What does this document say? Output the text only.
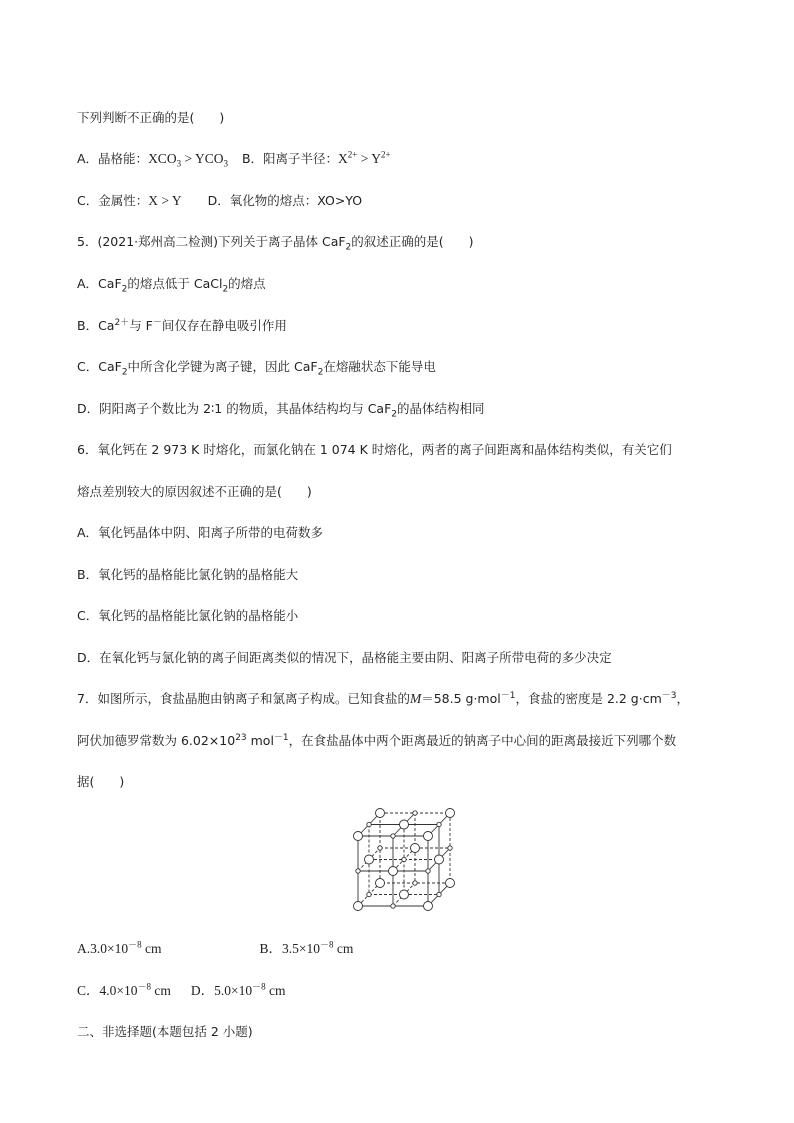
下列判断不正确的是(　　)
A．晶格能：$XCO_3 > YCO_3$ B．阳离子半径：$X^{2+} > Y^{2+}$
C．金属性：X > Y D．氧化物的熔点：XO>YO
5．(2021·郑州高二检测)下列关于离子晶体 CaF$_2$的叙述正确的是(　　)
A．CaF$_2$的熔点低于 CaCl$_2$的熔点
B．$Ca^{2+}$与 F－间仅存在静电吸引作用
C．CaF$_2$中所含化学键为离子键，因此 CaF$_2$在熔融状态下能导电
D．阴阳离子个数比为 2∶1 的物质，其晶体结构均与 CaF$_2$的晶体结构相同
6．氧化钙在 2 973 K 时熔化，而氯化钠在 1 074 K 时熔化，两者的离子间距离和晶体结构类似，有关它们
熔点差别较大的原因叙述不正确的是(　　)
A．氧化钙晶体中阴、阳离子所带的电荷数多
B．氧化钙的晶格能比氯化钠的晶格能大
C．氧化钙的晶格能比氯化钠的晶格能小
D．在氧化钙与氯化钠的离子间距离类似的情况下，晶格能主要由阴、阳离子所带电荷的多少决定
7．如图所示，食盐晶胞由钠离子和氯离子构成。已知食盐的M＝58.5 g·mol$^{-1}$，食盐的密度是 2.2 $g\cdot cm^{-3}$，
阿伏加德罗常数为 $6.02\times 10^{23}$ mol$^{-1}$，在食盐晶体中两个距离最近的钠离子中心间的距离最接近下列哪个数
据(　　)
$A.3.0\times 10^{-8}$ cm	B．$3.5\times 10^{-8}$ cm
C．$4.0\times 10^{-8}$ cm D．$5.0\times 10^{-8}$ cm
二、非选择题(本题包括 2 小题)
